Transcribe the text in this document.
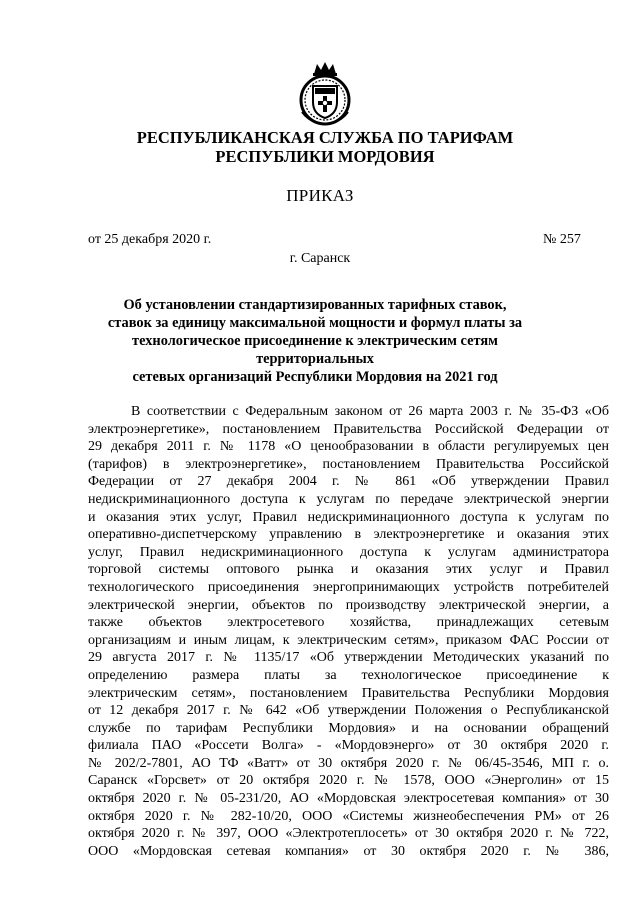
РЕСПУБЛИКАНСКАЯ СЛУЖБА ПО ТАРИФАМ
РЕСПУБЛИКИ МОРДОВИЯ
ПРИКАЗ
от 25 декабря 2020 г.	№ 257
г. Саранск
Об установлении стандартизированных тарифных ставок,
ставок за единицу максимальной мощности и формул платы за
технологическое присоединение к электрическим сетям территориальных
сетевых организаций Республики Мордовия на 2021 год

В соответствии с Федеральным законом от 26 марта 2003 г. № 35-ФЗ «Об
электроэнергетике», постановлением Правительства Российской Федерации от
29 декабря 2011 г. № 1178 «О ценообразовании в области регулируемых цен
(тарифов) в электроэнергетике», постановлением Правительства Российской
Федерации от 27 декабря 2004 г. № 861 «Об утверждении Правил
недискриминационного доступа к услугам по передаче электрической энергии
и оказания этих услуг, Правил недискриминационного доступа к услугам по
оперативно-диспетчерскому управлению в электроэнергетике и оказания этих
услуг, Правил недискриминационного доступа к услугам администратора
торговой системы оптового рынка и оказания этих услуг и Правил
технологического присоединения энергопринимающих устройств потребителей
электрической энергии, объектов по производству электрической энергии, а
также объектов электросетевого хозяйства, принадлежащих сетевым
организациям и иным лицам, к электрическим сетям», приказом ФАС России от
29 августа 2017 г. № 1135/17 «Об утверждении Методических указаний по
определению размера платы за технологическое присоединение к
электрическим сетям», постановлением Правительства Республики Мордовия
от 12 декабря 2017 г. № 642 «Об утверждении Положения о Республиканской
службе по тарифам Республики Мордовия» и на основании обращений
филиала ПАО «Россети Волга» - «Мордовэнерго» от 30 октября 2020 г.
№ 202/2-7801, АО ТФ «Ватт» от 30 октября 2020 г. № 06/45-3546, МП г. о.
Саранск «Горсвет» от 20 октября 2020 г. № 1578, ООО «Энерголин» от 15
октября 2020 г. № 05-231/20, АО «Мордовская электросетевая компания» от 30
октября 2020 г. № 282-10/20, ООО «Системы жизнеобеспечения РМ» от 26
октября 2020 г. № 397, ООО «Электротеплосеть» от 30 октября 2020 г. № 722,
ООО «Мордовская сетевая компания» от 30 октября 2020 г. № 386,
